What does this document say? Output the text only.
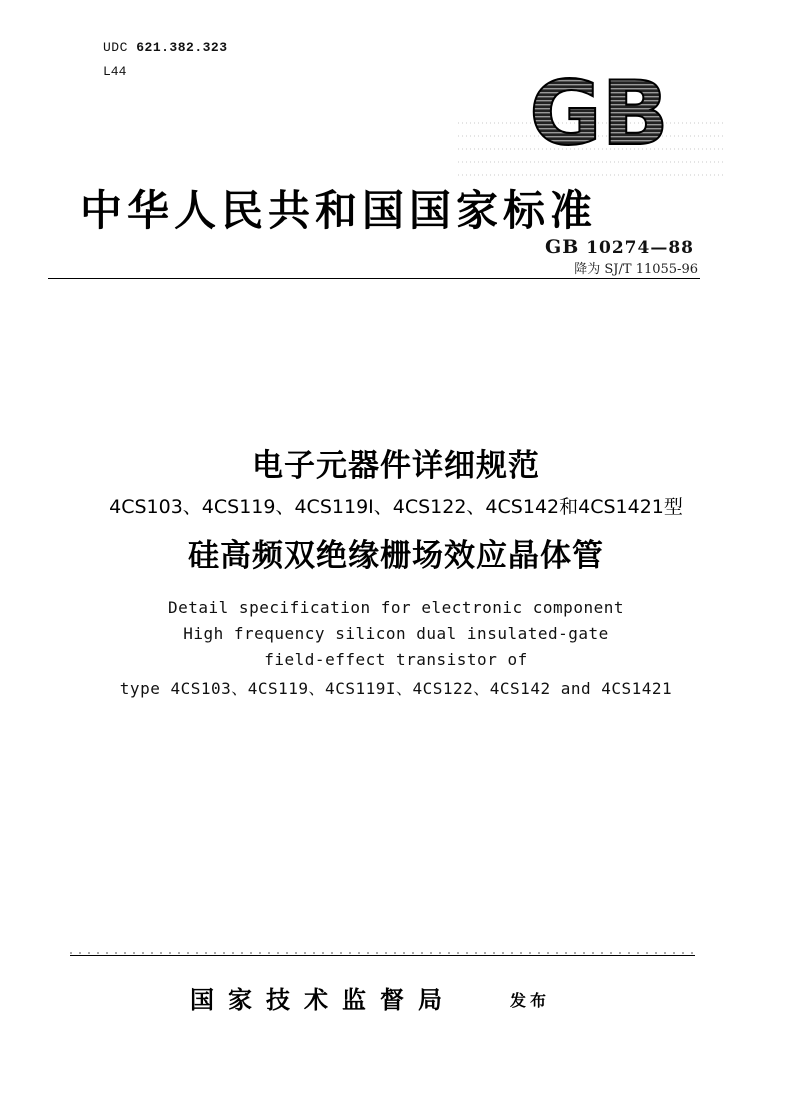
UDC 621.382.323
L44	GB
中华人民共和国国家标准
GB 10274—88
降为 SJ/T 11055-96
电子元器件详细规范
4CS103、4CS119、4CS119I、4CS122、4CS142和4CS1421型
硅高频双绝缘栅场效应晶体管
Detail specification for electronic component
High frequency silicon dual insulated-gate
field-effect transistor of
type 4CS103、4CS119、4CS119I、4CS122、4CS142 and 4CS1421
国家技术监督局	发布
